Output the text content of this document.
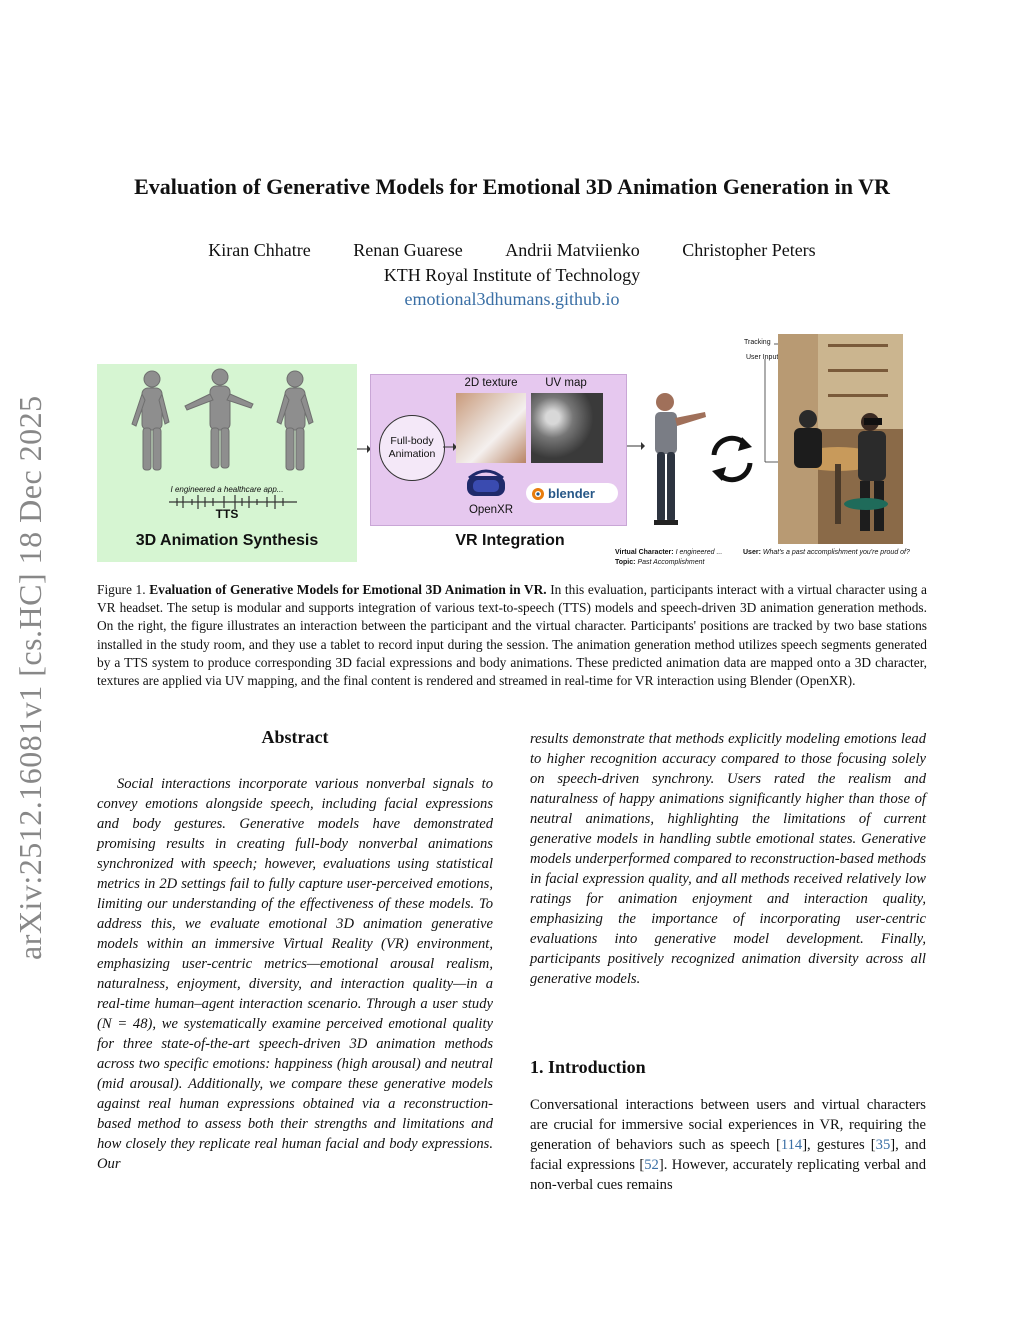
arXiv:2512.16081v1 [cs.HC] 18 Dec 2025
Evaluation of Generative Models for Emotional 3D Animation Generation in VR
Kiran Chhatre Renan Guarese Andrii Matviienko Christopher Peters
KTH Royal Institute of Technology
emotional3dhumans.github.io
I engineered a healthcare app...
TTS
3D Animation Synthesis
Full-body Animation
2D texture	UV map
blender
OpenXR
VR Integration
Tracking
User Input
Virtual Character: I engineered ...
Topic: Past Accomplishment
User: What's a past accomplishment you're proud of?
Figure 1. Evaluation of Generative Models for Emotional 3D Animation in VR. In this evaluation, participants interact with a virtual character using a VR headset. The setup is modular and supports integration of various text-to-speech (TTS) models and speech-driven 3D animation generation methods. On the right, the figure illustrates an interaction between the participant and the virtual character. Participants' positions are tracked by two base stations installed in the study room, and they use a tablet to record input during the session. The animation generation method utilizes speech segments generated by a TTS system to produce corresponding 3D facial expressions and body animations. These predicted animation data are mapped onto a 3D character, textures are applied via UV mapping, and the final content is rendered and streamed in real-time for VR interaction using Blender (OpenXR).
Abstract
Social interactions incorporate various nonverbal signals to convey emotions alongside speech, including facial expressions and body gestures. Generative models have demonstrated promising results in creating full-body nonverbal animations synchronized with speech; however, evaluations using statistical metrics in 2D settings fail to fully capture user-perceived emotions, limiting our understanding of the effectiveness of these models. To address this, we evaluate emotional 3D animation generative models within an immersive Virtual Reality (VR) environment, emphasizing user-centric metrics—emotional arousal realism, naturalness, enjoyment, diversity, and interaction quality—in a real-time human–agent interaction scenario. Through a user study (N = 48), we systematically examine perceived emotional quality for three state-of-the-art speech-driven 3D animation methods across two specific emotions: happiness (high arousal) and neutral (mid arousal). Additionally, we compare these generative models against real human expressions obtained via a reconstruction-based method to assess both their strengths and limitations and how closely they replicate real human facial and body expressions. Our
results demonstrate that methods explicitly modeling emotions lead to higher recognition accuracy compared to those focusing solely on speech-driven synchrony. Users rated the realism and naturalness of happy animations significantly higher than those of neutral animations, highlighting the limitations of current generative models in handling subtle emotional states. Generative models underperformed compared to reconstruction-based methods in facial expression quality, and all methods received relatively low ratings for animation enjoyment and interaction quality, emphasizing the importance of incorporating user-centric evaluations into generative model development. Finally, participants positively recognized animation diversity across all generative models.
1. Introduction
Conversational interactions between users and virtual characters are crucial for immersive social experiences in VR, requiring the generation of behaviors such as speech [114], gestures [35], and facial expressions [52]. However, accurately replicating verbal and non-verbal cues remains
